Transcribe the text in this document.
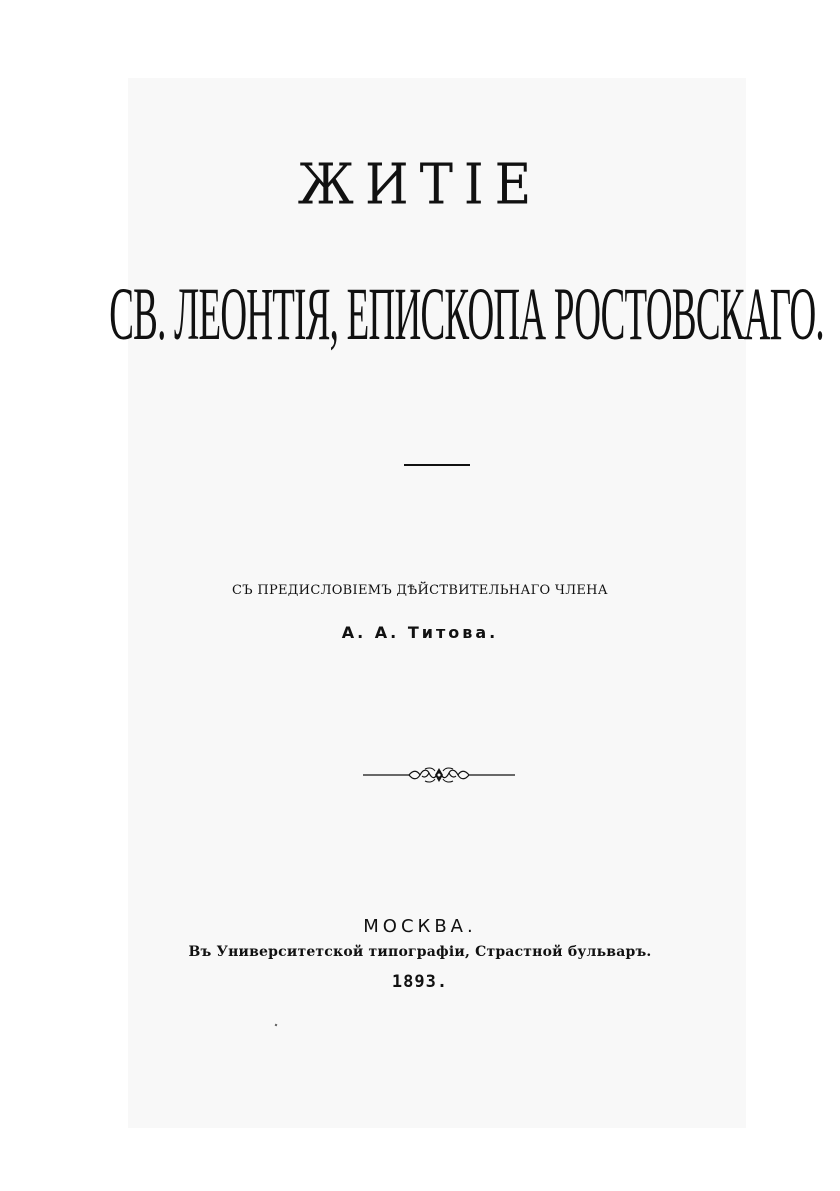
ЖИТІЕ
СВ. ЛЕОНТІЯ, ЕПИСКОПА РОСТОВСКАГО.
СЪ ПРЕДИСЛОВІЕМЪ ДѢЙСТВИТЕЛЬНАГО ЧЛЕНА
А. А. Титова.
МОСКВА.
Въ Университетской типографіи, Страстной бульваръ.
1893.
